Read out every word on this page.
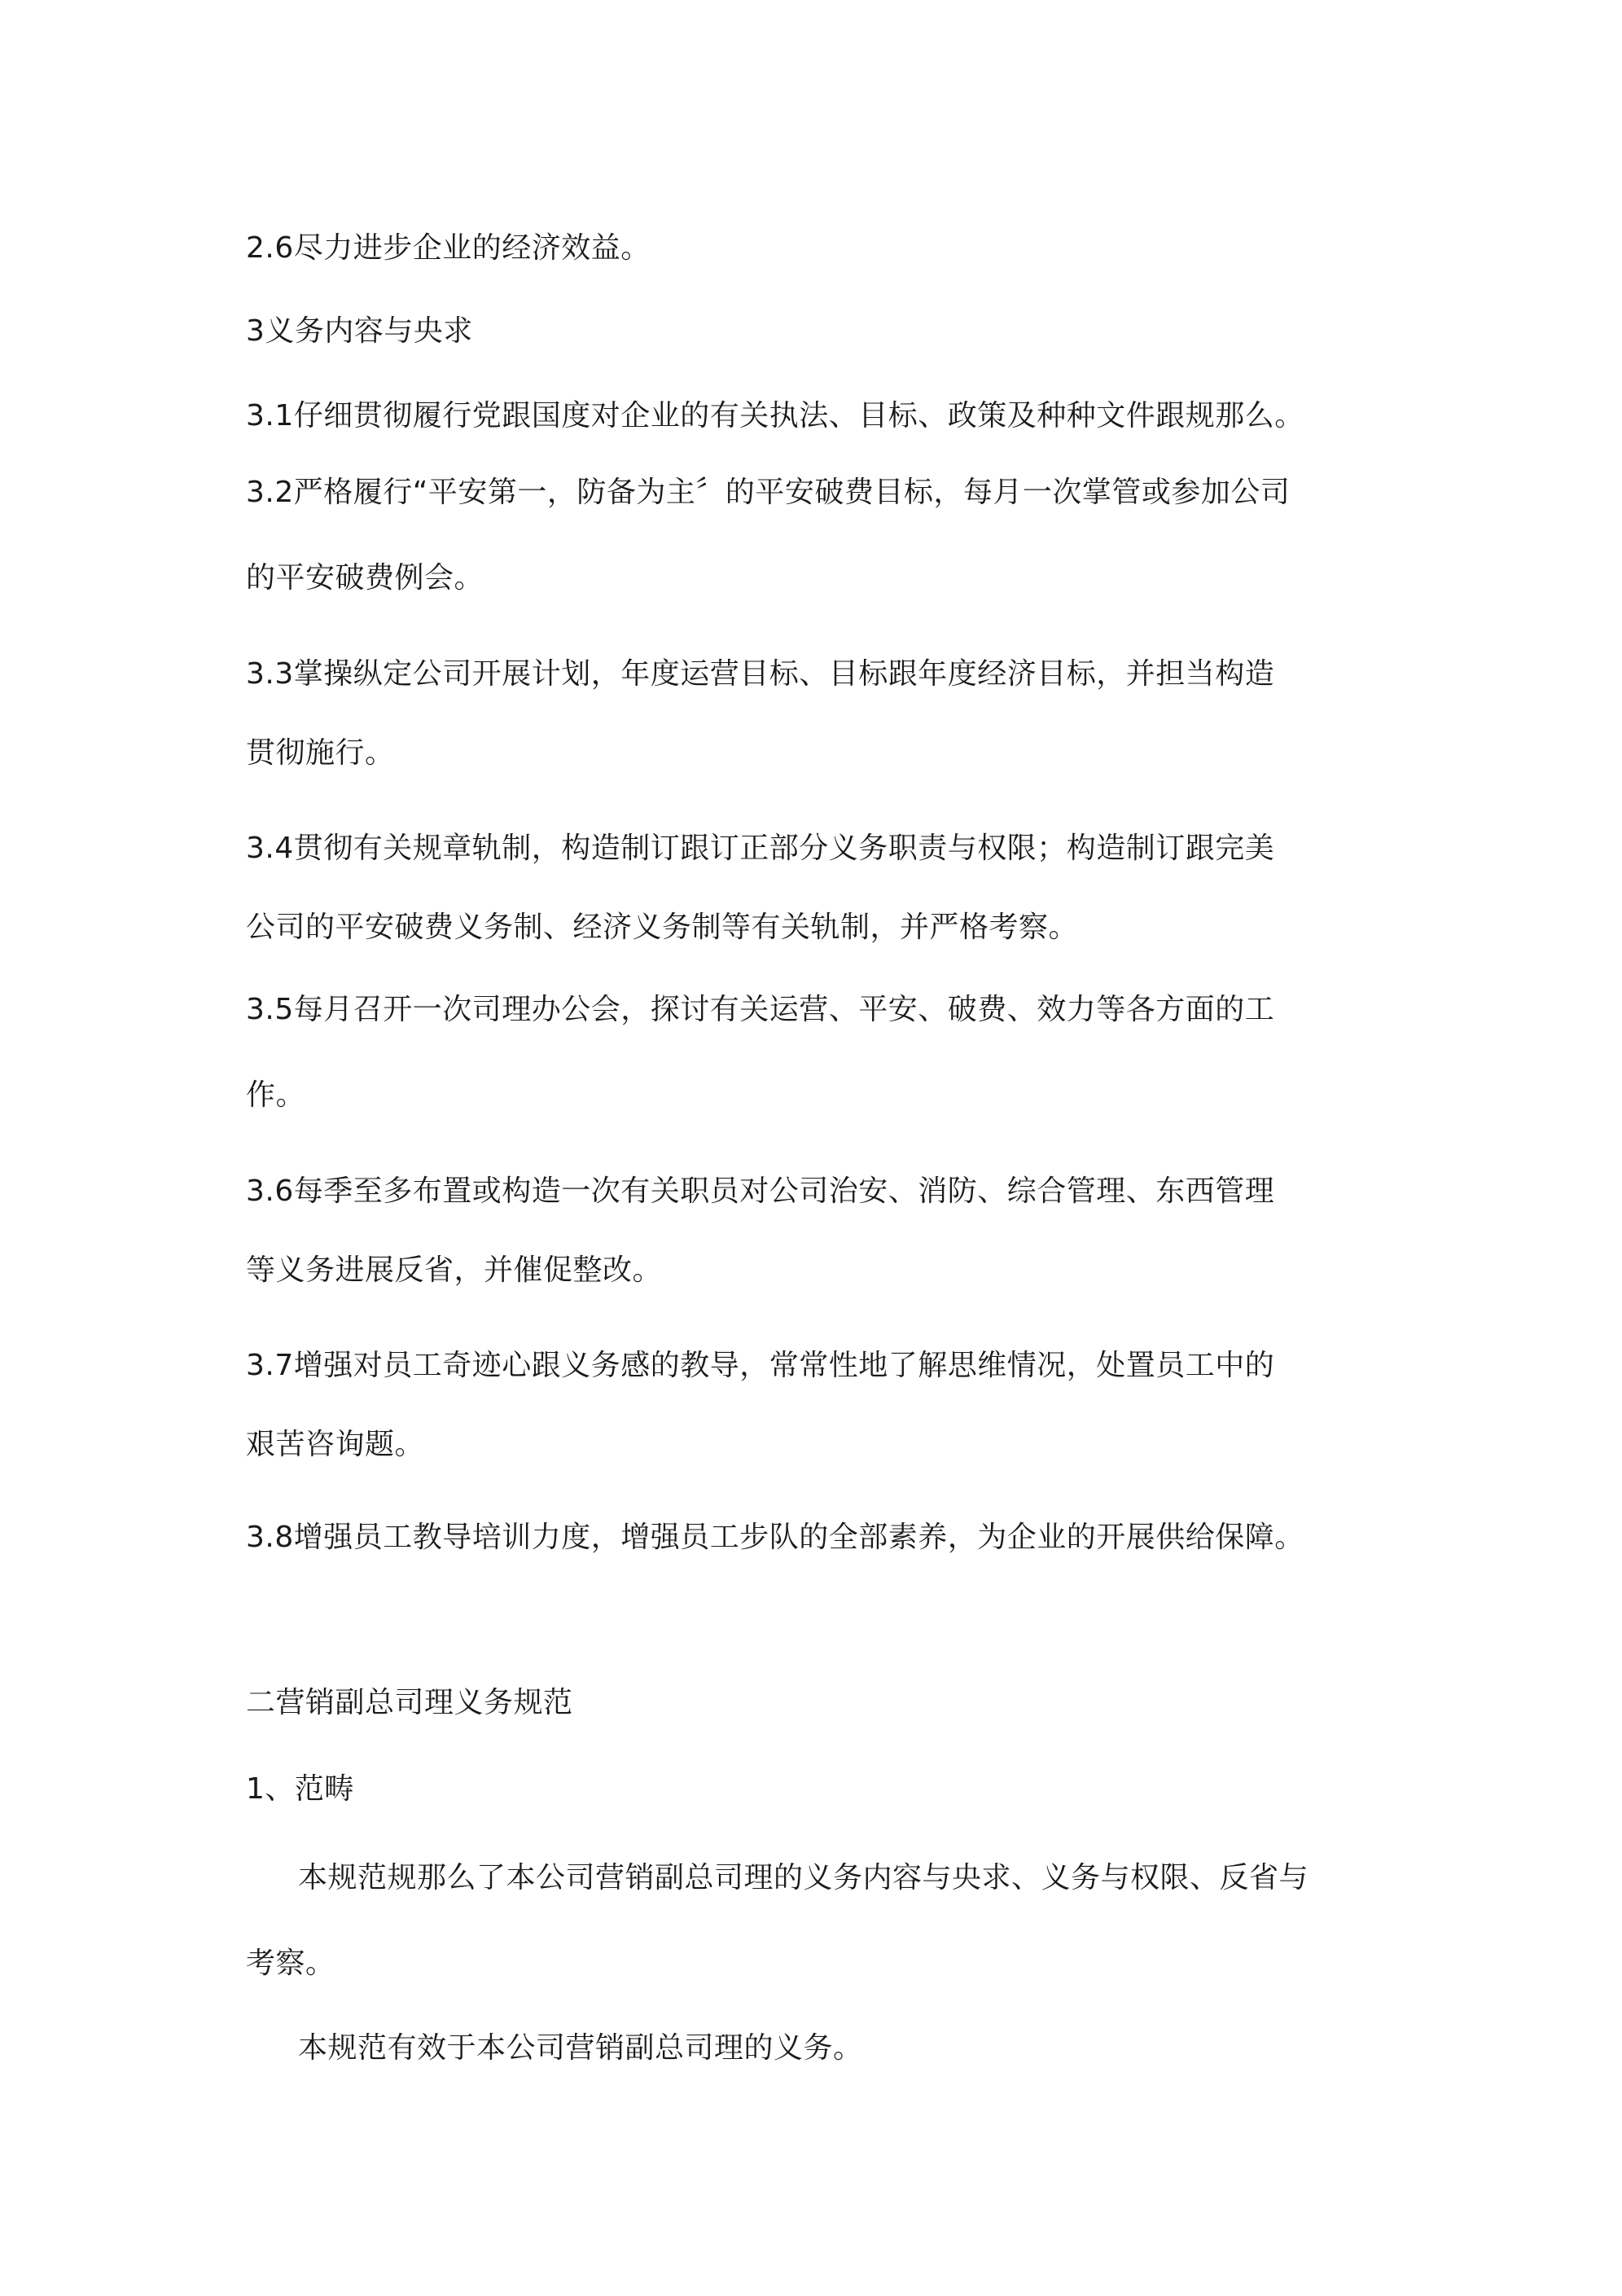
2.6尽力进步企业的经济效益。
3义务内容与央求
3.1仔细贯彻履行党跟国度对企业的有关执法、目标、政策及种种文件跟规那么。
3.2严格履行“平安第一，防备为主〞的平安破费目标，每月一次掌管或参加公司
的平安破费例会。
3.3掌操纵定公司开展计划，年度运营目标、目标跟年度经济目标，并担当构造
贯彻施行。
3.4贯彻有关规章轨制，构造制订跟订正部分义务职责与权限；构造制订跟完美
公司的平安破费义务制、经济义务制等有关轨制，并严格考察。
3.5每月召开一次司理办公会，探讨有关运营、平安、破费、效力等各方面的工
作。
3.6每季至多布置或构造一次有关职员对公司治安、消防、综合管理、东西管理
等义务进展反省，并催促整改。
3.7增强对员工奇迹心跟义务感的教导，常常性地了解思维情况，处置员工中的
艰苦咨询题。
3.8增强员工教导培训力度，增强员工步队的全部素养，为企业的开展供给保障。
二营销副总司理义务规范
1、范畴
本规范规那么了本公司营销副总司理的义务内容与央求、义务与权限、反省与
考察。
本规范有效于本公司营销副总司理的义务。
